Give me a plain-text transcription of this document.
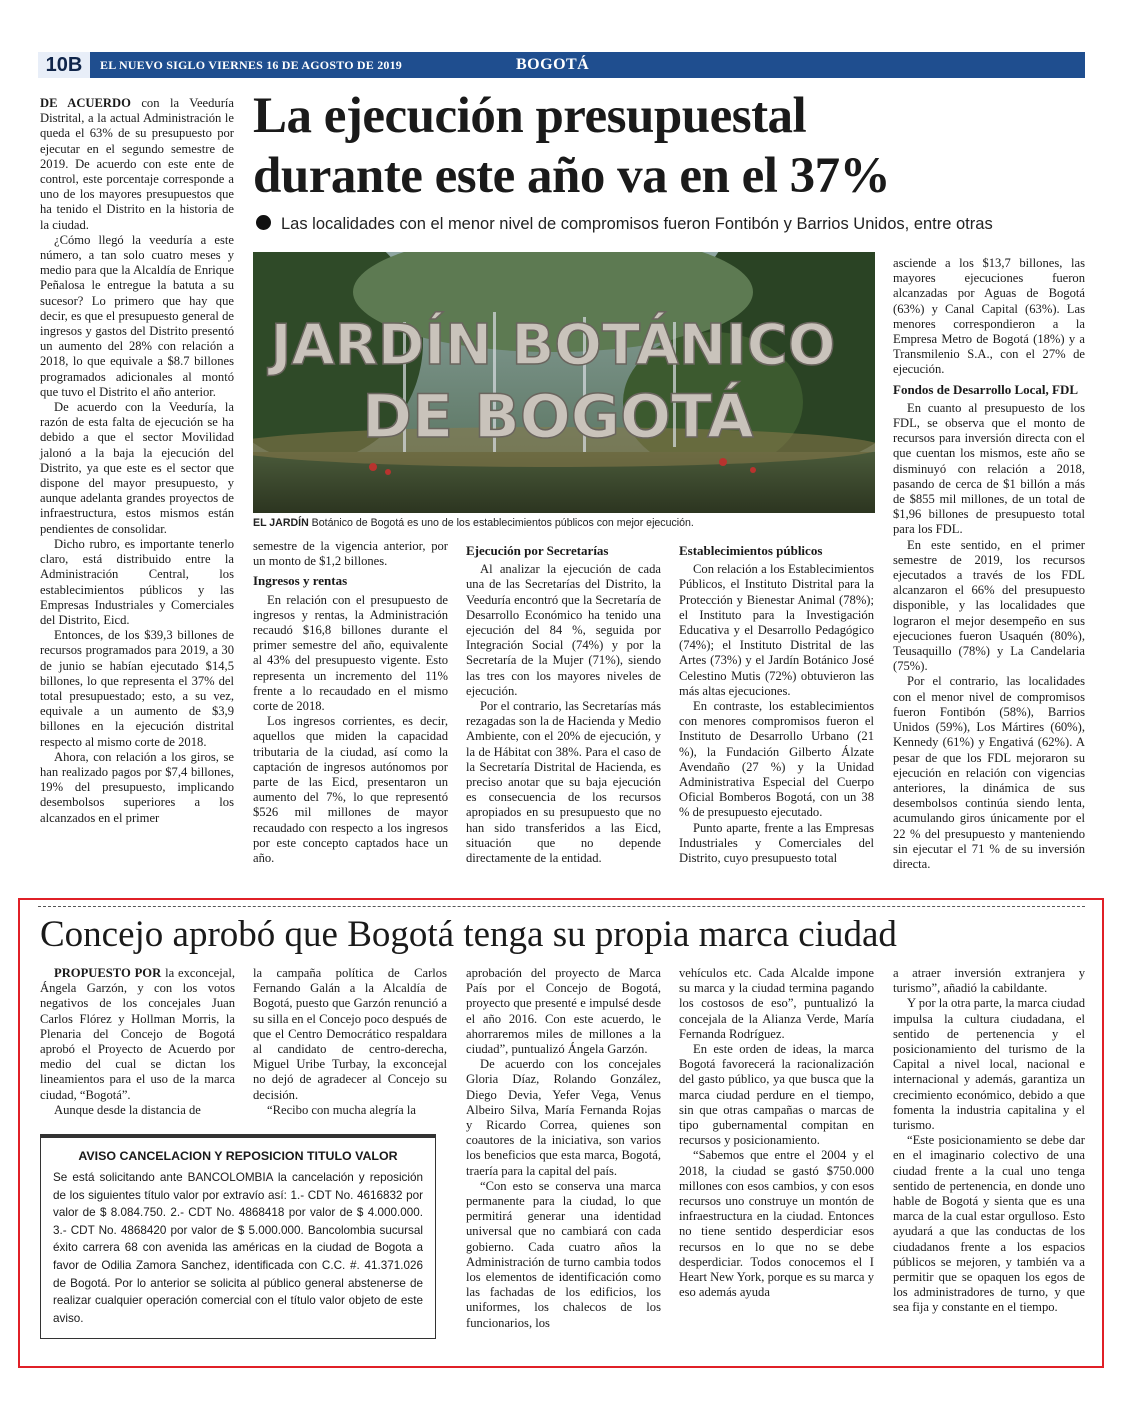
10B	EL NUEVO SIGLO VIERNES 16 DE AGOSTO DE 2019	BOGOTÁ

DE ACUERDO con la Veeduría Distrital, a la actual Administración le queda el 63% de su presupuesto por ejecutar en el segundo semestre de 2019. De acuerdo con este ente de control, este porcentaje corresponde a uno de los mayores presupuestos que ha tenido el Distrito en la historia de la ciudad.

¿Cómo llegó la veeduría a este número, a tan solo cuatro meses y medio para que la Alcaldía de Enrique Peñalosa le entregue la batuta a su sucesor? Lo primero que hay que decir, es que el presupuesto general de ingresos y gastos del Distrito presentó un aumento del 28% con relación a 2018, lo que equivale a $8.7 billones programados adicionales al montó que tuvo el Distrito el año anterior.

De acuerdo con la Veeduría, la razón de esta falta de ejecución se ha debido a que el sector Movilidad jalonó a la baja la ejecución del Distrito, ya que este es el sector que dispone del mayor presupuesto, y aunque adelanta grandes proyectos de infraestructura, estos mismos están pendientes de consolidar.

Dicho rubro, es importante tenerlo claro, está distribuido entre la Administración Central, los establecimientos públicos y las Empresas Industriales y Comerciales del Distrito, Eicd.

Entonces, de los $39,3 billones de recursos programados para 2019, a 30 de junio se habían ejecutado $14,5 billones, lo que representa el 37% del total presupuestado; esto, a su vez, equivale a un aumento de $3,9 billones en la ejecución distrital respecto al mismo corte de 2018.

Ahora, con relación a los giros, se han realizado pagos por $7,4 billones, 19% del presupuesto, implicando desembolsos superiores a los alcanzados en el primer

La ejecución presupuestal
durante este año va en el 37%
Las localidades con el menor nivel de compromisos fueron Fontibón y Barrios Unidos, entre otras
JARDÍN BOTÁNICO
DE BOGOTÁ
EL JARDÍN Botánico de Bogotá es uno de los establecimientos públicos con mejor ejecución.

semestre de la vigencia anterior, por un monto de $1,2 billones.

Ingresos y rentas

En relación con el presupuesto de ingresos y rentas, la Administración recaudó $16,8 billones durante el primer semestre del año, equivalente al 43% del presupuesto vigente. Esto representa un incremento del 11% frente a lo recaudado en el mismo corte de 2018.

Los ingresos corrientes, es decir, aquellos que miden la capacidad tributaria de la ciudad, así como la captación de ingresos autónomos por parte de las Eicd, presentaron un aumento del 7%, lo que representó $526 mil millones de mayor recaudado con respecto a los ingresos por este concepto captados hace un año.

Ejecución por Secretarías

Al analizar la ejecución de cada una de las Secretarías del Distrito, la Veeduría encontró que la Secretaría de Desarrollo Económico ha tenido una ejecución del 84 %, seguida por Integración Social (74%) y por la Secretaría de la Mujer (71%), siendo las tres con los mayores niveles de ejecución.

Por el contrario, las Secretarías más rezagadas son la de Hacienda y Medio Ambiente, con el 20% de ejecución, y la de Hábitat con 38%. Para el caso de la Secretaría Distrital de Hacienda, es preciso anotar que su baja ejecución es consecuencia de los recursos apropiados en su presupuesto que no han sido transferidos a las Eicd, situación que no depende directamente de la entidad.

Establecimientos públicos

Con relación a los Establecimientos Públicos, el Instituto Distrital para la Protección y Bienestar Animal (78%); el Instituto para la Investigación Educativa y el Desarrollo Pedagógico (74%); el Instituto Distrital de las Artes (73%) y el Jardín Botánico José Celestino Mutis (72%) obtuvieron las más altas ejecuciones.

En contraste, los establecimientos con menores compromisos fueron el Instituto de Desarrollo Urbano (21 %), la Fundación Gilberto Álzate Avendaño (27 %) y la Unidad Administrativa Especial del Cuerpo Oficial Bomberos Bogotá, con un 38 % de presupuesto ejecutado.

Punto aparte, frente a las Empresas Industriales y Comerciales del Distrito, cuyo presupuesto total

asciende a los $13,7 billones, las mayores ejecuciones fueron alcanzadas por Aguas de Bogotá (63%) y Canal Capital (63%). Las menores correspondieron a la Empresa Metro de Bogotá (18%) y a Transmilenio S.A., con el 27% de ejecución.

Fondos de Desarrollo Local, FDL

En cuanto al presupuesto de los FDL, se observa que el monto de recursos para inversión directa con el que cuentan los mismos, este año se disminuyó con relación a 2018, pasando de cerca de $1 billón a más de $855 mil millones, de un total de $1,96 billones de presupuesto total para los FDL.

En este sentido, en el primer semestre de 2019, los recursos ejecutados a través de los FDL alcanzaron el 66% del presupuesto disponible, y las localidades que lograron el mejor desempeño en sus ejecuciones fueron Usaquén (80%), Teusaquillo (78%) y La Candelaria (75%).

Por el contrario, las localidades con el menor nivel de compromisos fueron Fontibón (58%), Barrios Unidos (59%), Los Mártires (60%), Kennedy (61%) y Engativá (62%). A pesar de que los FDL mejoraron su ejecución en relación con vigencias anteriores, la dinámica de sus desembolsos continúa siendo lenta, acumulando giros únicamente por el 22 % del presupuesto y manteniendo sin ejecutar el 71 % de su inversión directa.

Concejo aprobó que Bogotá tenga su propia marca ciudad

PROPUESTO POR la exconcejal, Ángela Garzón, y con los votos negativos de los concejales Juan Carlos Flórez y Hollman Morris, la Plenaria del Concejo de Bogotá aprobó el Proyecto de Acuerdo por medio del cual se dictan los lineamientos para el uso de la marca ciudad, “Bogotá”.

Aunque desde la distancia de

la campaña política de Carlos Fernando Galán a la Alcaldía de Bogotá, puesto que Garzón renunció a su silla en el Concejo poco después de que el Centro Democrático respaldara al candidato de centro-derecha, Miguel Uribe Turbay, la exconcejal no dejó de agradecer al Concejo su decisión.

“Recibo con mucha alegría la

aprobación del proyecto de Marca País por el Concejo de Bogotá, proyecto que presenté e impulsé desde el año 2016. Con este acuerdo, le ahorraremos miles de millones a la ciudad”, puntualizó Ángela Garzón.

De acuerdo con los concejales Gloria Díaz, Rolando González, Diego Devia, Yefer Vega, Venus Albeiro Silva, María Fernanda Rojas y Ricardo Correa, quienes son coautores de la iniciativa, son varios los beneficios que esta marca, Bogotá, traería para la capital del país.

“Con esto se conserva una marca permanente para la ciudad, lo que permitirá generar una identidad universal que no cambiará con cada gobierno. Cada cuatro años la Administración de turno cambia todos los elementos de identificación como las fachadas de los edificios, los uniformes, los chalecos de los funcionarios, los

vehículos etc. Cada Alcalde impone su marca y la ciudad termina pagando los costosos de eso”, puntualizó la concejala de la Alianza Verde, María Fernanda Rodríguez.

En este orden de ideas, la marca Bogotá favorecerá la racionalización del gasto público, ya que busca que la marca ciudad perdure en el tiempo, sin que otras campañas o marcas de tipo gubernamental compitan en recursos y posicionamiento.

“Sabemos que entre el 2004 y el 2018, la ciudad se gastó $750.000 millones con esos cambios, y con esos recursos uno construye un montón de infraestructura en la ciudad. Entonces no tiene sentido desperdiciar esos recursos en lo que no se debe desperdiciar. Todos conocemos el I Heart New York, porque es su marca y eso además ayuda

a atraer inversión extranjera y turismo”, añadió la cabildante.

Y por la otra parte, la marca ciudad impulsa la cultura ciudadana, el sentido de pertenencia y el posicionamiento del turismo de la Capital a nivel local, nacional e internacional y además, garantiza un crecimiento económico, debido a que fomenta la industria capitalina y el turismo.

“Este posicionamiento se debe dar en el imaginario colectivo de una ciudad frente a la cual uno tenga sentido de pertenencia, en donde uno hable de Bogotá y sienta que es una marca de la cual estar orgulloso. Esto ayudará a que las conductas de los ciudadanos frente a los espacios públicos se mejoren, y también va a permitir que se opaquen los egos de los administradores de turno, y que sea fija y constante en el tiempo.

AVISO CANCELACION Y REPOSICION TITULO VALOR
Se está solicitando ante BANCOLOMBIA la cancelación y reposición de los siguientes título valor por extravío así: 1.- CDT No. 4616832 por valor de $ 8.084.750. 2.- CDT No. 4868418 por valor de $ 4.000.000. 3.- CDT No. 4868420 por valor de $ 5.000.000. Bancolombia sucursal éxito carrera 68 con avenida las américas en la ciudad de Bogota a favor de Odilia Zamora Sanchez, identificada con C.C. #. 41.371.026 de Bogotá. Por lo anterior se solicita al público general abstenerse de realizar cualquier operación comercial con el título valor objeto de este aviso.
